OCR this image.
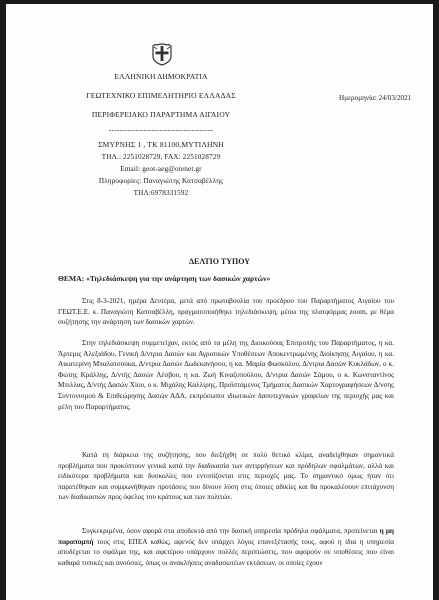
ΕΛΛΗΝΙΚΗ ΔΗΜΟΚΡΑΤΙΑ
ΓΕΩΤΕΧΝΙΚΟ ΕΠΙΜΕΛΗΤΗΡΙΟ ΕΛΛΑΔΑΣ
ΠΕΡΙΦΕΡΕΙΑΚΟ ΠΑΡΑΡΤΗΜΑ ΑΙΓΑΙΟΥ
---------------------------------------
ΣΜΥΡΝΗΣ 1 , ΤΚ 81100,ΜΥΤΙΛΗΝΗ
ΤΗΛ.: 2251028729, FAX: 2251028729
Email: geot-aeg@otenet.gr
Πληροφορίες: Παναγιώτης Κατσαβέλλης
ΤΗΛ:6978331592
Ημερομηνία: 24/03/2021
ΔΕΛΤΙΟ ΤΥΠΟΥ
ΘΕΜΑ: «Τηλεδιάσκεψη για την ανάρτηση των δασικών χαρτών»

Στις 8-3-2021, ημέρα Δευτέρα, μετά από πρωτοβουλία του προέδρου του Παραρτήματος Αιγαίου του ΓΕΩΤ.Ε.Ε. κ. Παναγιώτη Κατσαβέλλη, πραγματοποιήθηκε τηλεδιάσκεψη, μέσω της πλατφόρμας zoom, με θέμα συζήτησης την ανάρτηση των δασικών χαρτών.

Στην τηλεδιάσκεψη συμμετείχαν, εκτός από τα μέλη της Διοικούσας Επιτροπής του Παραρτήματος, η κα. Άρτεμις Αλεξιάδου, Γενική Δ/ντρια Δασών και Αγροτικών Υποθέσεων Αποκεντρωμένης Διοίκησης Αιγαίου, η κα. Αικατερίνη Μπαλατσούκα, Δ/ντρια Δασών Δωδεκανήσου, η κα. Μαρία Φωσκόλου, Δ/ντρια Δασών Κυκλάδων, ο κ. Φώτης Κράλλης, Δ/ντής Δασών Λέσβου, η κα. Ζωή Κιναζοπούλου, Δ/ντρια Δασών Σάμου, ο κ. Κωνσταντίνος Μπιλλας, Δ/ντής Δασών Χίου, ο κ. Μιχάλης Καλλίρης, Προϊστάμενος Τμήματος Δασικών Χαρτογραφήσεων Δ/νσης Συντονισμού & Επιθεώρησης Δασών ΑΔΑ, εκπρόσωποι ιδιωτικών δασοτεχνικών γραφείων της περιοχής μας και μέλη του Παραρτήματος.

Κατά τη διάρκεια της συζήτησης, που διεξήχθη σε πολύ θετικό κλίμα, αναδείχθηκαν σημαντικά προβλήματα που προκύπτουν γενικά κατά την διαδικασία των αντιρρήσεων και πρόδηλων σφαλμάτων, αλλά και ειδικότερα προβλήματα και δυσκολίες που εντοπίζονται στις περιοχές μας. Το σημαντικό όμως ήταν ότι παρατέθηκαν και συμφωνήθηκαν προτάσεις που δίνουν λύση στις όποιες αδικίες και θα προκαλέσουν επιτάχυνση των διαδικασιών προς όφελος του κράτους και των πολιτών.

Συγκεκριμένα, όσον αφορά στα αποδεκτά από την δασική υπηρεσία πρόδηλα σφάλματα, προτείνεται η μη παραπομπή τους στις ΕΠΕΑ καθώς, αφενός δεν υπάρχει λόγος επανεξέτασής τους, αφού η ίδια η υπηρεσία αποδέχεται το σφάλμα της, και αφετέρου υπάρχουν πολλές περιπτώσεις, που αφορούν σε υποθέσεις που είναι καθαρά τυπικές και ανούσιες, όπως οι ανακλήσεις αναδασωτέων εκτάσεων, οι οποίες έχουν
